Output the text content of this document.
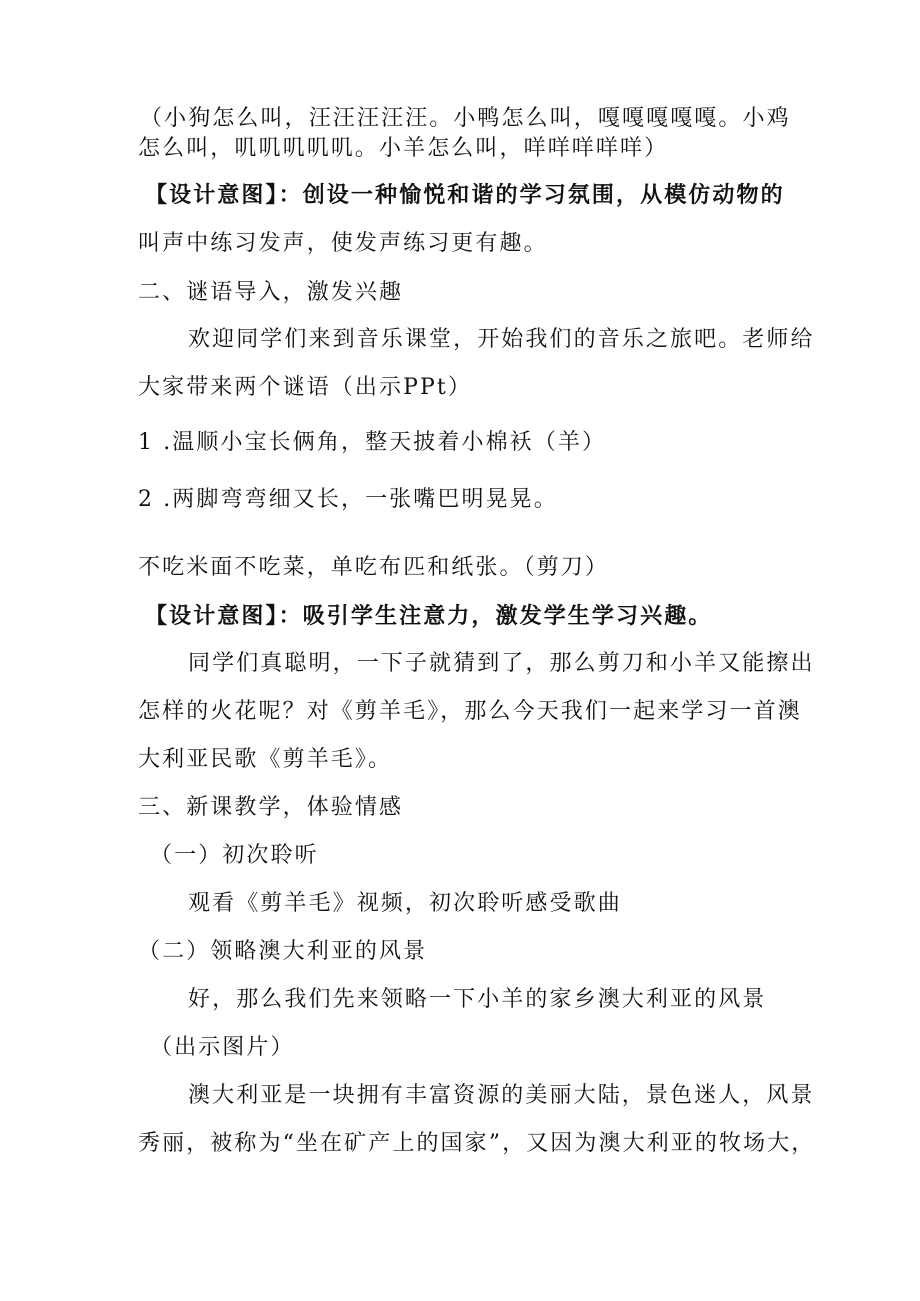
（小狗怎么叫，汪汪汪汪汪。小鸭怎么叫，嘎嘎嘎嘎嘎。小鸡
怎么叫，叽叽叽叽叽。小羊怎么叫，咩咩咩咩咩）
【设计意图】：创设一种愉悦和谐的学习氛围，从模仿动物的
叫声中练习发声，使发声练习更有趣。
二、谜语导入，激发兴趣
欢迎同学们来到音乐课堂，开始我们的音乐之旅吧。老师给
大家带来两个谜语（出示PPt）
1 .温顺小宝长俩角，整天披着小棉袄（羊）
2 .两脚弯弯细又长，一张嘴巴明晃晃。
不吃米面不吃菜，单吃布匹和纸张。（剪刀）
【设计意图】：吸引学生注意力，激发学生学习兴趣。
同学们真聪明，一下子就猜到了，那么剪刀和小羊又能擦出
怎样的火花呢？对《剪羊毛》，那么今天我们一起来学习一首澳
大利亚民歌《剪羊毛》。
三、新课教学，体验情感
（一）初次聆听
观看《剪羊毛》视频，初次聆听感受歌曲
（二）领略澳大利亚的风景
好，那么我们先来领略一下小羊的家乡澳大利亚的风景
（出示图片）
澳大利亚是一块拥有丰富资源的美丽大陆，景色迷人，风景
秀丽，被称为“坐在矿产上的国家”，又因为澳大利亚的牧场大，
